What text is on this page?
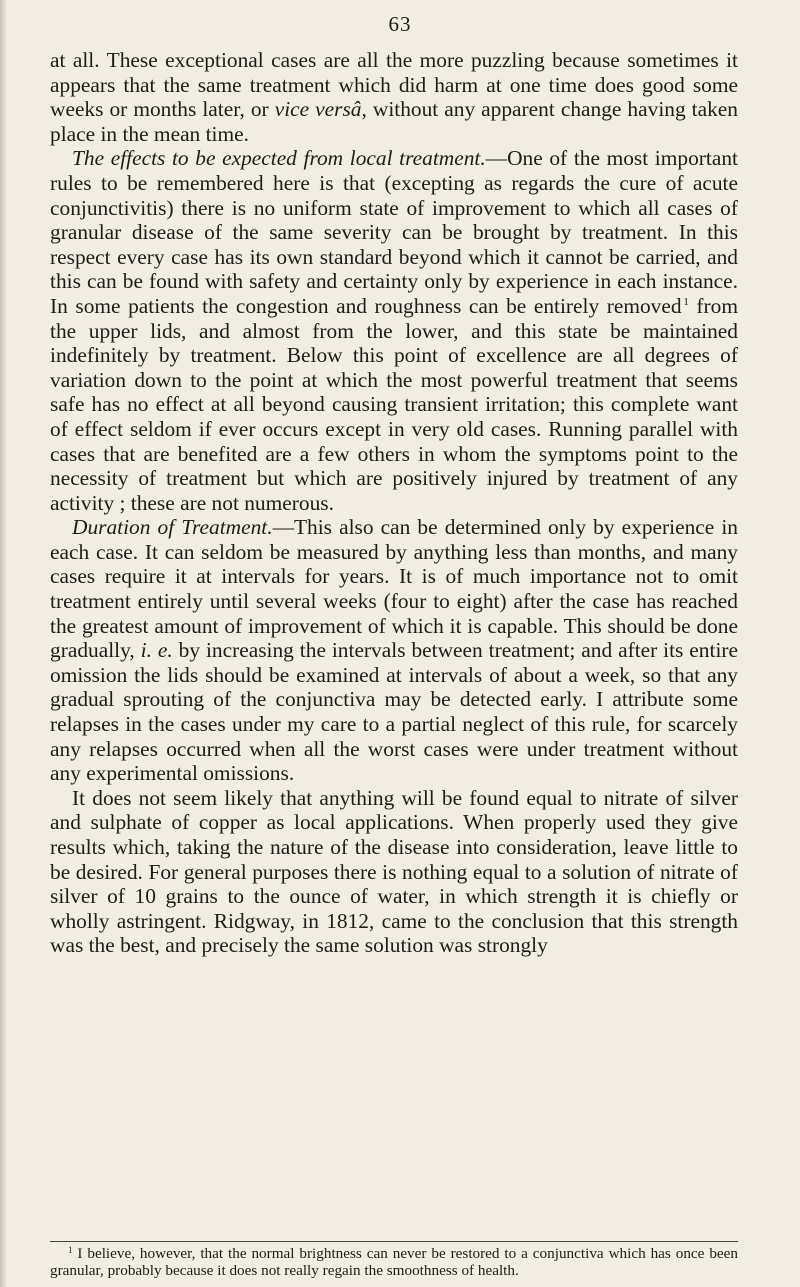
63

at all. These exceptional cases are all the more puzzling because sometimes it appears that the same treatment which did harm at one time does good some weeks or months later, or vice versâ, without any apparent change having taken place in the mean time.

The effects to be expected from local treatment.—One of the most important rules to be remembered here is that (excepting as regards the cure of acute conjunctivitis) there is no uniform state of improvement to which all cases of granular disease of the same severity can be brought by treatment. In this respect every case has its own standard beyond which it cannot be carried, and this can be found with safety and certainty only by experience in each instance. In some patients the congestion and roughness can be entirely removed  $^1$ from the upper lids, and almost from the lower, and this state be maintained indefinitely by treatment. Below this point of excellence are all degrees of variation down to the point at which the most powerful treatment that seems safe has no effect at all beyond causing transient irritation; this complete want of effect seldom if ever occurs except in very old cases. Running parallel with cases that are benefited are a few others in whom the symptoms point to the necessity of treatment but which are positively injured by treatment of any activity ; these are not numerous.

Duration of Treatment.—This also can be determined only by experience in each case. It can seldom be measured by anything less than months, and many cases require it at intervals for years. It is of much importance not to omit treatment entirely until several weeks (four to eight) after the case has reached the greatest amount of improvement of which it is capable. This should be done gradually, i. e. by increasing the intervals between treatment; and after its entire omission the lids should be examined at intervals of about a week, so that any gradual sprouting of the conjunctiva may be detected early. I attribute some relapses in the cases under my care to a partial neglect of this rule, for scarcely any relapses occurred when all the worst cases were under treatment without any experimental omissions.

It does not seem likely that anything will be found equal to nitrate of silver and sulphate of copper as local applications. When properly used they give results which, taking the nature of the disease into consideration, leave little to be desired. For general purposes there is nothing equal to a solution of nitrate of silver of 10 grains to the ounce of water, in which strength it is chiefly or wholly astringent. Ridgway, in 1812, came to the conclusion that this strength was the best, and precisely the same solution was strongly

$^1$ I believe, however, that the normal brightness can never be restored to a conjunctiva which has once been granular, probably because it does not really regain the smoothness of health.
